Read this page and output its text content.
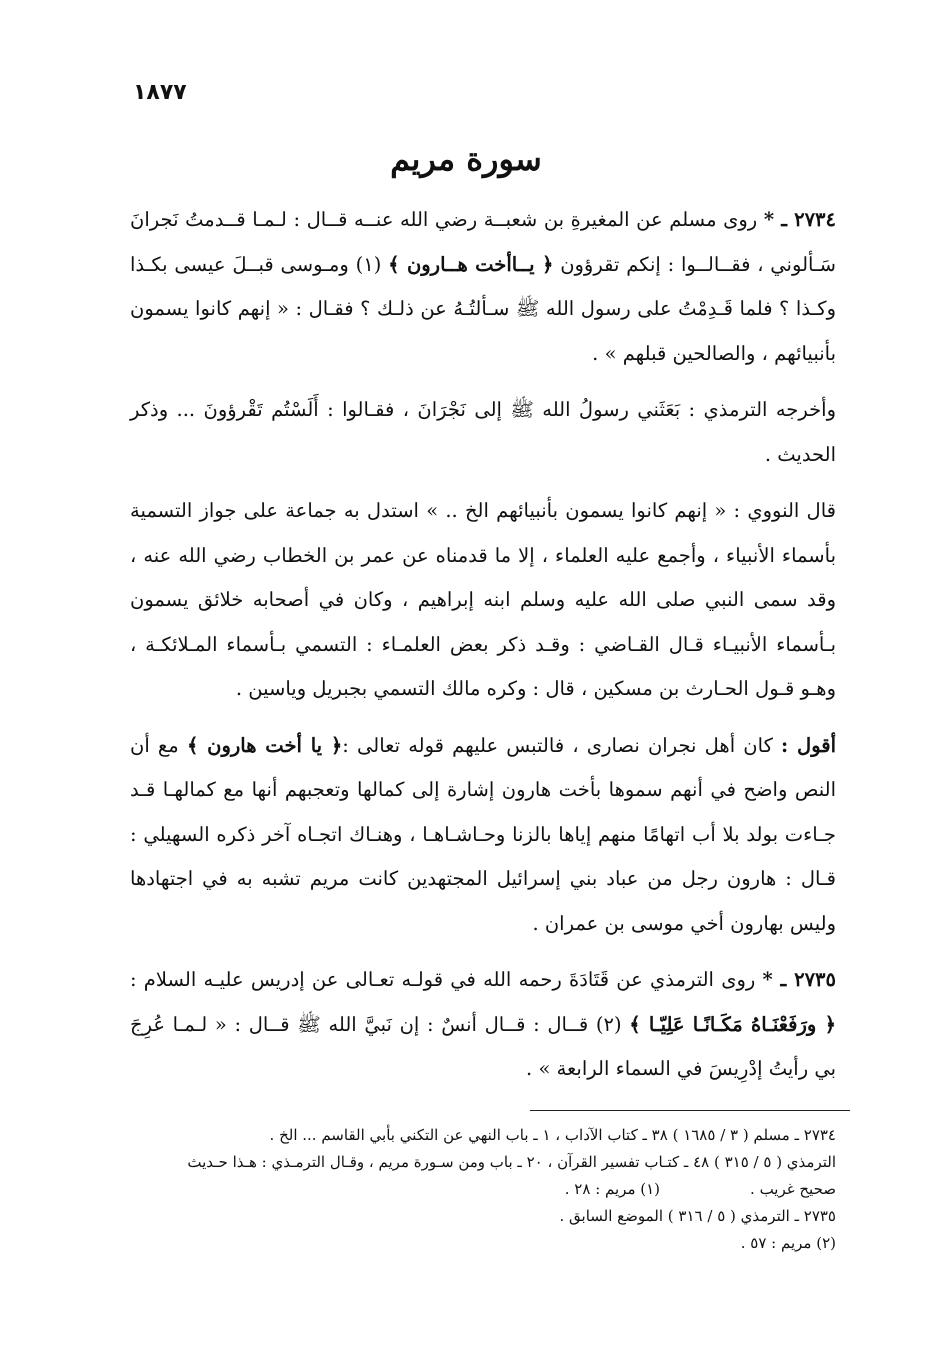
١٨٧٧
سورة مريم

٢٧٣٤ ـ * روى مسلم عن المغيرةِ بن شعبــة رضي الله عنــه قــال : لـمـا قــدمتُ نَجرانَ سَـألوني ، فقــالــوا : إنكم تقرؤون ﴿ يــاأخت هــارون ﴾ (١) ومـوسى قبــلَ عيسى بكـذا وكـذا ؟ فلما قَـدِمْتُ على رسول الله ﷺ سـألتُـهُ عن ذلـك ؟ فقـال : « إنهم كانوا يسمون بأنبيائهم ، والصالحين قبلهم » .

وأخرجه الترمذي : بَعَثَني رسولُ الله ﷺ إلى نَجْرَانَ ، فقـالوا : أَلَسْتُم تَقْرؤونَ ... وذكر الحديث .

قال النووي : « إنهم كانوا يسمون بأنبيائهم الخ .. » استدل به جماعة على جواز التسمية بأسماء الأنبياء ، وأجمع عليه العلماء ، إلا ما قدمناه عن عمر بن الخطاب رضي الله عنه ، وقد سمى النبي صلى الله عليه وسلم ابنه إبراهيم ، وكان في أصحابه خلائق يسمون بـأسماء الأنبيـاء قـال القـاضي : وقـد ذكر بعض العلمـاء : التسمي بـأسماء المـلائكـة ، وهـو قـول الحـارث بن مسكين ، قال : وكره مالك التسمي بجبريل وياسين .

أقول : كان أهل نجران نصارى ، فالتبس عليهم قوله تعالى :﴿ يا أخت هارون ﴾ مع أن النص واضح في أنهم سموها بأخت هارون إشارة إلى كمالها وتعجبهم أنها مع كمالهـا قـد جـاءت بولد بلا أب اتهامًا منهم إياها بالزنا وحـاشـاهـا ، وهنـاك اتجـاه آخر ذكره السهيلي : قـال : هارون رجل من عباد بني إسرائيل المجتهدين كانت مريم تشبه به في اجتهادها وليس بهارون أخي موسى بن عمران .

٢٧٣٥ ـ * روى الترمذي عن قَتَادَةَ رحمه الله في قولـه تعـالى عن إدريس عليـه السلام : ﴿ ورَفَعْنَـاهُ مَكَـانًـا عَلِيّـا ﴾ (٢) قــال : قــال أنسٌ : إن نَبيَّ الله ﷺ قــال : « لـمـا عُرِجَ بي رأيتُ إدْرِيسَ في السماء الرابعة » .

٢٧٣٤ ـ مسلم ( ٣ / ١٦٨٥ ) ٣٨ ـ كتاب الآداب ، ١ ـ باب النهي عن التكني بأبي القاسم ... الخ .

الترمذي ( ٥ / ٣١٥ ) ٤٨ ـ كتـاب تفسير القرآن ، ٢٠ ـ باب ومن سـورة مريم ، وقـال الترمـذي : هـذا حـديث

صحيح غريب .
(١) مريم : ٢٨ .

٢٧٣٥ ـ الترمذي ( ٥ / ٣١٦ ) الموضع السابق .

(٢) مريم : ٥٧ .
